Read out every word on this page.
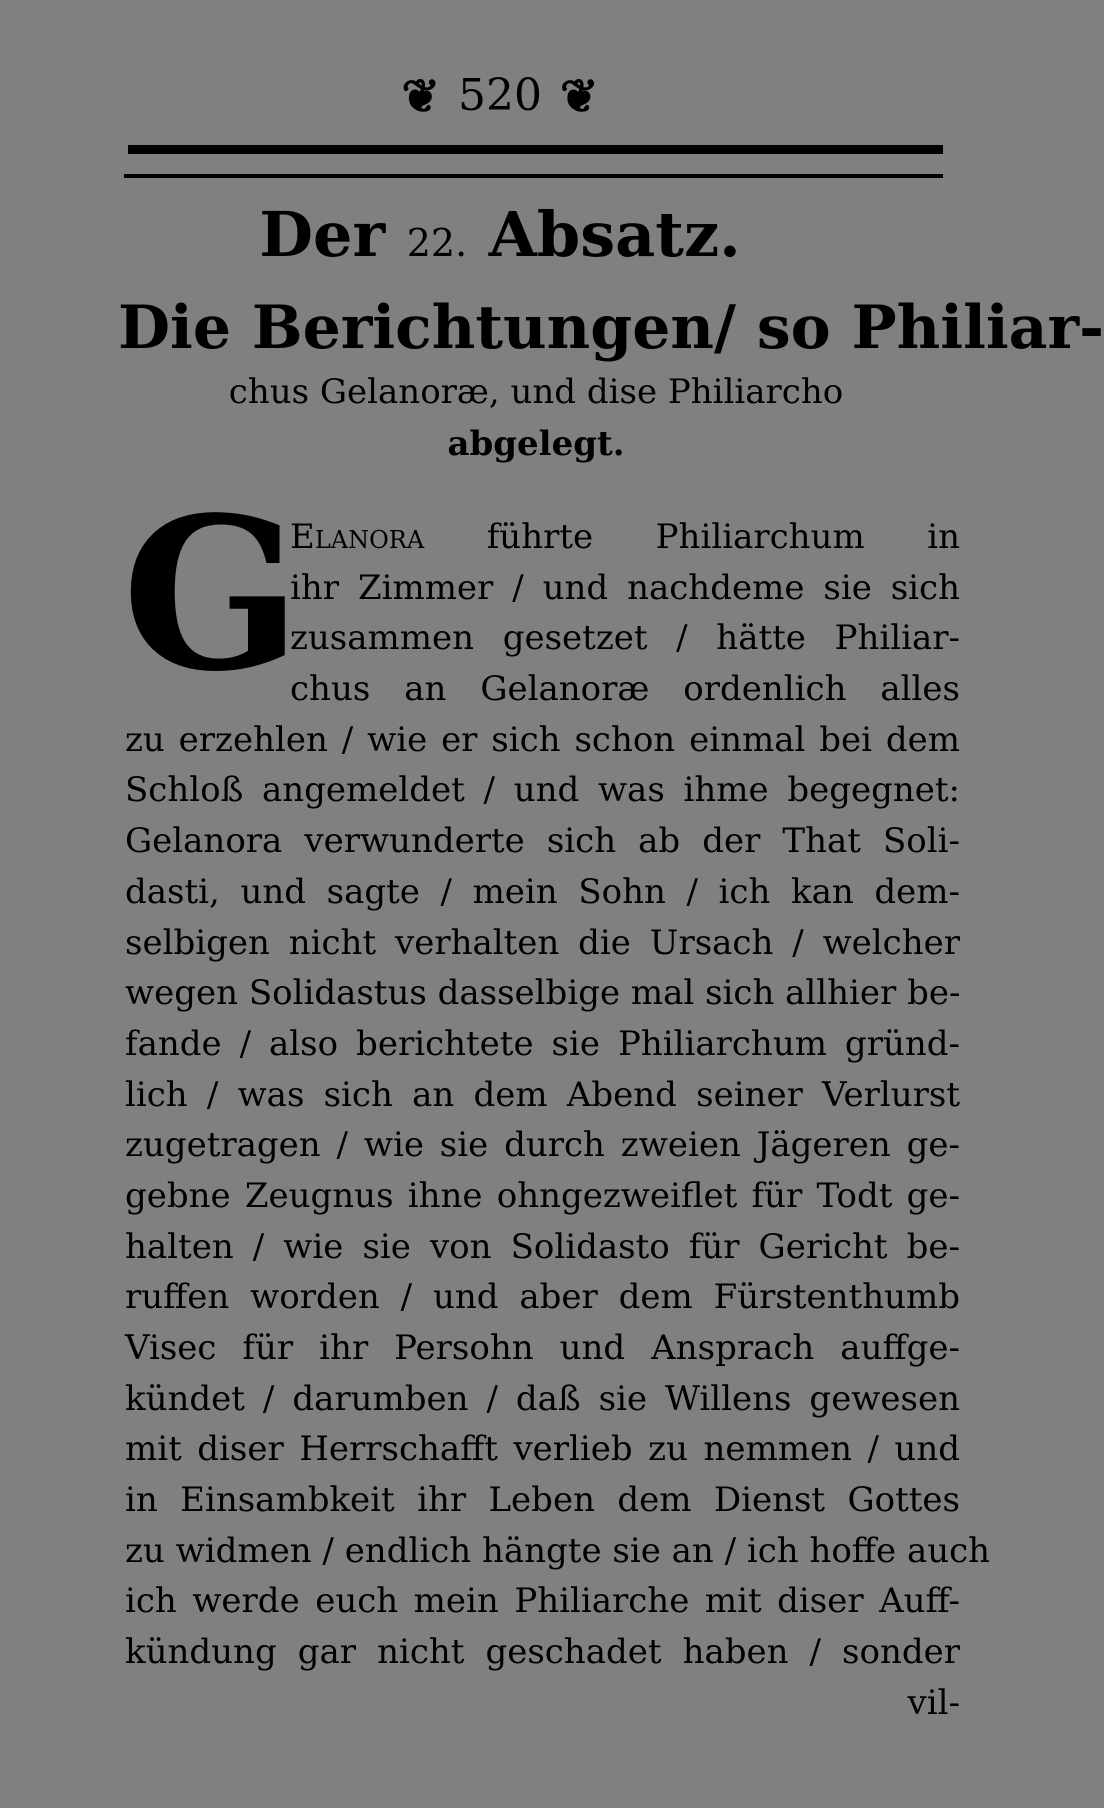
❦ 520 ❦
Der 22. Absatz.
Die Berichtungen/ so Philiar-
chus Gelanoræ, und dise Philiarcho
abgelegt.
G
Elanora führte Philiarchum in
ihr Zimmer / und nachdeme sie sich
zusammen gesetzet / hätte Philiar-
chus an Gelanoræ ordenlich alles
zu erzehlen / wie er sich schon einmal bei dem
Schloß angemeldet / und was ihme begegnet:
Gelanora verwunderte sich ab der That Soli-
dasti, und sagte / mein Sohn / ich kan dem-
selbigen nicht verhalten die Ursach / welcher
wegen Solidastus dasselbige mal sich allhier be-
fande / also berichtete sie Philiarchum gründ-
lich / was sich an dem Abend seiner Verlurst
zugetragen / wie sie durch zweien Jägeren ge-
gebne Zeugnus ihne ohngezweiflet für Todt ge-
halten / wie sie von Solidasto für Gericht be-
ruffen worden / und aber dem Fürstenthumb
Visec für ihr Persohn und Ansprach auffge-
kündet / darumben / daß sie Willens gewesen
mit diser Herrschafft verlieb zu nemmen / und
in Einsambkeit ihr Leben dem Dienst Gottes
zu widmen / endlich hängte sie an / ich hoffe auch
ich werde euch mein Philiarche mit diser Auff-
kündung gar nicht geschadet haben / sonder
vil-
